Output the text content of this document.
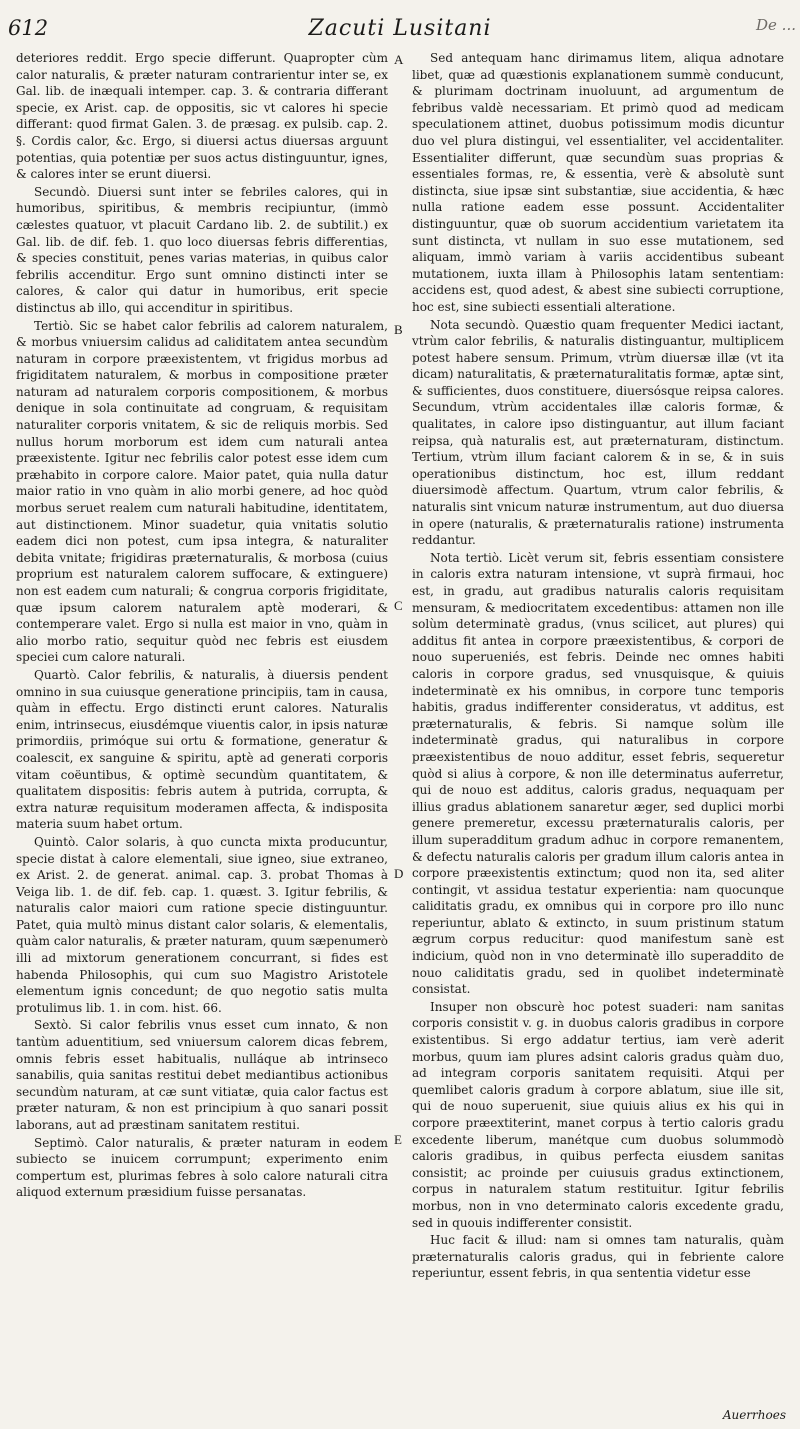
612	Zacuti Lusitani	De ...

deteriores reddit. Ergo specie differunt. Quapropter cùm calor naturalis, & præter naturam contrarientur inter se, ex Gal. lib. de inæquali intemper. cap. 3. & contraria differant specie, ex Arist. cap. de oppositis, sic vt calores hi specie differant: quod firmat Galen. 3. de præsag. ex pulsib. cap. 2. §. Cordis calor, &c. Ergo, si diuersi actus diuersas arguunt potentias, quia potentiæ per suos actus distinguuntur, ignes, & calores inter se erunt diuersi.

Secundò. Diuersi sunt inter se febriles calores, qui in humoribus, spiritibus, & membris recipiuntur, (immò cælestes quatuor, vt placuit Cardano lib. 2. de subtilit.) ex Gal. lib. de dif. feb. 1. quo loco diuersas febris differentias, & species constituit, penes varias materias, in quibus calor febrilis accenditur. Ergo sunt omnino distincti inter se calores, & calor qui datur in humoribus, erit specie distinctus ab illo, qui accenditur in spiritibus.

Tertiò. Sic se habet calor febrilis ad calorem naturalem, & morbus vniuersim calidus ad caliditatem antea secundùm naturam in corpore præexistentem, vt frigidus morbus ad frigiditatem naturalem, & morbus in compositione præter naturam ad naturalem corporis compositionem, & morbus denique in sola continuitate ad congruam, & requisitam naturaliter corporis vnitatem, & sic de reliquis morbis. Sed nullus horum morborum est idem cum naturali antea præexistente. Igitur nec febrilis calor potest esse idem cum præhabito in corpore calore. Maior patet, quia nulla datur maior ratio in vno quàm in alio morbi genere, ad hoc quòd morbus seruet realem cum naturali habitudine, identitatem, aut distinctionem. Minor suadetur, quia vnitatis solutio eadem dici non potest, cum ipsa integra, & naturaliter debita vnitate; frigidiras præternaturalis, & morbosa (cuius proprium est naturalem calorem suffocare, & extinguere) non est eadem cum naturali; & congrua corporis frigiditate, quæ ipsum calorem naturalem aptè moderari, & contemperare valet. Ergo si nulla est maior in vno, quàm in alio morbo ratio, sequitur quòd nec febris est eiusdem speciei cum calore naturali.

Quartò. Calor febrilis, & naturalis, à diuersis pendent omnino in sua cuiusque generatione principiis, tam in causa, quàm in effectu. Ergo distincti erunt calores. Naturalis enim, intrinsecus, eiusdémque viuentis calor, in ipsis naturæ primordiis, primóque sui ortu & formatione, generatur & coalescit, ex sanguine & spiritu, aptè ad generati corporis vitam coëuntibus, & optimè secundùm quantitatem, & qualitatem dispositis: febris autem à putrida, corrupta, & extra naturæ requisitum moderamen affecta, & indisposita materia suum habet ortum.

Quintò. Calor solaris, à quo cuncta mixta producuntur, specie distat à calore elementali, siue igneo, siue extraneo, ex Arist. 2. de generat. animal. cap. 3. probat Thomas à Veiga lib. 1. de dif. feb. cap. 1. quæst. 3. Igitur febrilis, & naturalis calor maiori cum ratione specie distinguuntur. Patet, quia multò minus distant calor solaris, & elementalis, quàm calor naturalis, & præter naturam, quum sæpenumerò illi ad mixtorum generationem concurrant, si fides est habenda Philosophis, qui cum suo Magistro Aristotele elementum ignis concedunt; de quo negotio satis multa protulimus lib. 1. in com. hist. 66.

Sextò. Si calor febrilis vnus esset cum innato, & non tantùm aduentitium, sed vniuersum calorem dicas febrem, omnis febris esset habitualis, nulláque ab intrinseco sanabilis, quia sanitas restitui debet mediantibus actionibus secundùm naturam, at cæ sunt vitiatæ, quia calor factus est præter naturam, & non est principium à quo sanari possit laborans, aut ad præstinam sanitatem restitui.

Septimò. Calor naturalis, & præter naturam in eodem subiecto se inuicem corrumpunt; experimento enim compertum est, plurimas febres à solo calore naturali citra aliquod externum præsidium fuisse persanatas.

Sed antequam hanc dirimamus litem, aliqua adnotare libet, quæ ad quæstionis explanationem summè conducunt, & plurimam doctrinam inuoluunt, ad argumentum de febribus valdè necessariam. Et primò quod ad medicam speculationem attinet, duobus potissimum modis dicuntur duo vel plura distingui, vel essentialiter, vel accidentaliter. Essentialiter differunt, quæ secundùm suas proprias & essentiales formas, re, & essentia, verè & absolutè sunt distincta, siue ipsæ sint substantiæ, siue accidentia, & hæc nulla ratione eadem esse possunt. Accidentaliter distinguuntur, quæ ob suorum accidentium varietatem ita sunt distincta, vt nullam in suo esse mutationem, sed aliquam, immò variam à variis accidentibus subeant mutationem, iuxta illam à Philosophis latam sententiam: accidens est, quod adest, & abest sine subiecti corruptione, hoc est, sine subiecti essentiali alteratione.

Nota secundò. Quæstio quam frequenter Medici iactant, vtrùm calor febrilis, & naturalis distinguantur, multiplicem potest habere sensum. Primum, vtrùm diuersæ illæ (vt ita dicam) naturalitatis, & præternaturalitatis formæ, aptæ sint, & sufficientes, duos constituere, diuersósque reipsa calores. Secundum, vtrùm accidentales illæ caloris formæ, & qualitates, in calore ipso distinguantur, aut illum faciant reipsa, quà naturalis est, aut præternaturam, distinctum. Tertium, vtrùm illum faciant calorem & in se, & in suis operationibus distinctum, hoc est, illum reddant diuersimodè affectum. Quartum, vtrum calor febrilis, & naturalis sint vnicum naturæ instrumentum, aut duo diuersa in opere (naturalis, & præternaturalis ratione) instrumenta reddantur.

Nota tertiò. Licèt verum sit, febris essentiam consistere in caloris extra naturam intensione, vt suprà firmaui, hoc est, in gradu, aut gradibus naturalis caloris requisitam mensuram, & mediocritatem excedentibus: attamen non ille solùm determinatè gradus, (vnus scilicet, aut plures) qui additus fit antea in corpore præexistentibus, & corpori de nouo superueniés, est febris. Deinde nec omnes habiti caloris in corpore gradus, sed vnusquisque, & quiuis indeterminatè ex his omnibus, in corpore tunc temporis habitis, gradus indifferenter consideratus, vt additus, est præternaturalis, & febris. Si namque solùm ille indeterminatè gradus, qui naturalibus in corpore præexistentibus de nouo additur, esset febris, sequeretur quòd si alius à corpore, & non ille determinatus auferretur, qui de nouo est additus, caloris gradus, nequaquam per illius gradus ablationem sanaretur æger, sed duplici morbi genere premeretur, excessu præternaturalis caloris, per illum superadditum gradum adhuc in corpore remanentem, & defectu naturalis caloris per gradum illum caloris antea in corpore præexistentis extinctum; quod non ita, sed aliter contingit, vt assidua testatur experientia: nam quocunque caliditatis gradu, ex omnibus qui in corpore pro illo nunc reperiuntur, ablato & extincto, in suum pristinum statum ægrum corpus reducitur: quod manifestum sanè est indicium, quòd non in vno determinatè illo superaddito de nouo caliditatis gradu, sed in quolibet indeterminatè consistat.

Insuper non obscurè hoc potest suaderi: nam sanitas corporis consistit v. g. in duobus caloris gradibus in corpore existentibus. Si ergo addatur tertius, iam verè aderit morbus, quum iam plures adsint caloris gradus quàm duo, ad integram corporis sanitatem requisiti. Atqui per quemlibet caloris gradum à corpore ablatum, siue ille sit, qui de nouo superuenit, siue quiuis alius ex his qui in corpore præextiterint, manet corpus à tertio caloris gradu excedente liberum, manétque cum duobus solummodò caloris gradibus, in quibus perfecta eiusdem sanitas consistit; ac proinde per cuiusuis gradus extinctionem, corpus in naturalem statum restituitur. Igitur febrilis morbus, non in vno determinato caloris excedente gradu, sed in quouis indifferenter consistit.

Huc facit & illud: nam si omnes tam naturalis, quàm præternaturalis caloris gradus, qui in febriente calore reperiuntur, essent febris, in qua sententia videtur esse

A
B
C
D
E
Auerrhoes
